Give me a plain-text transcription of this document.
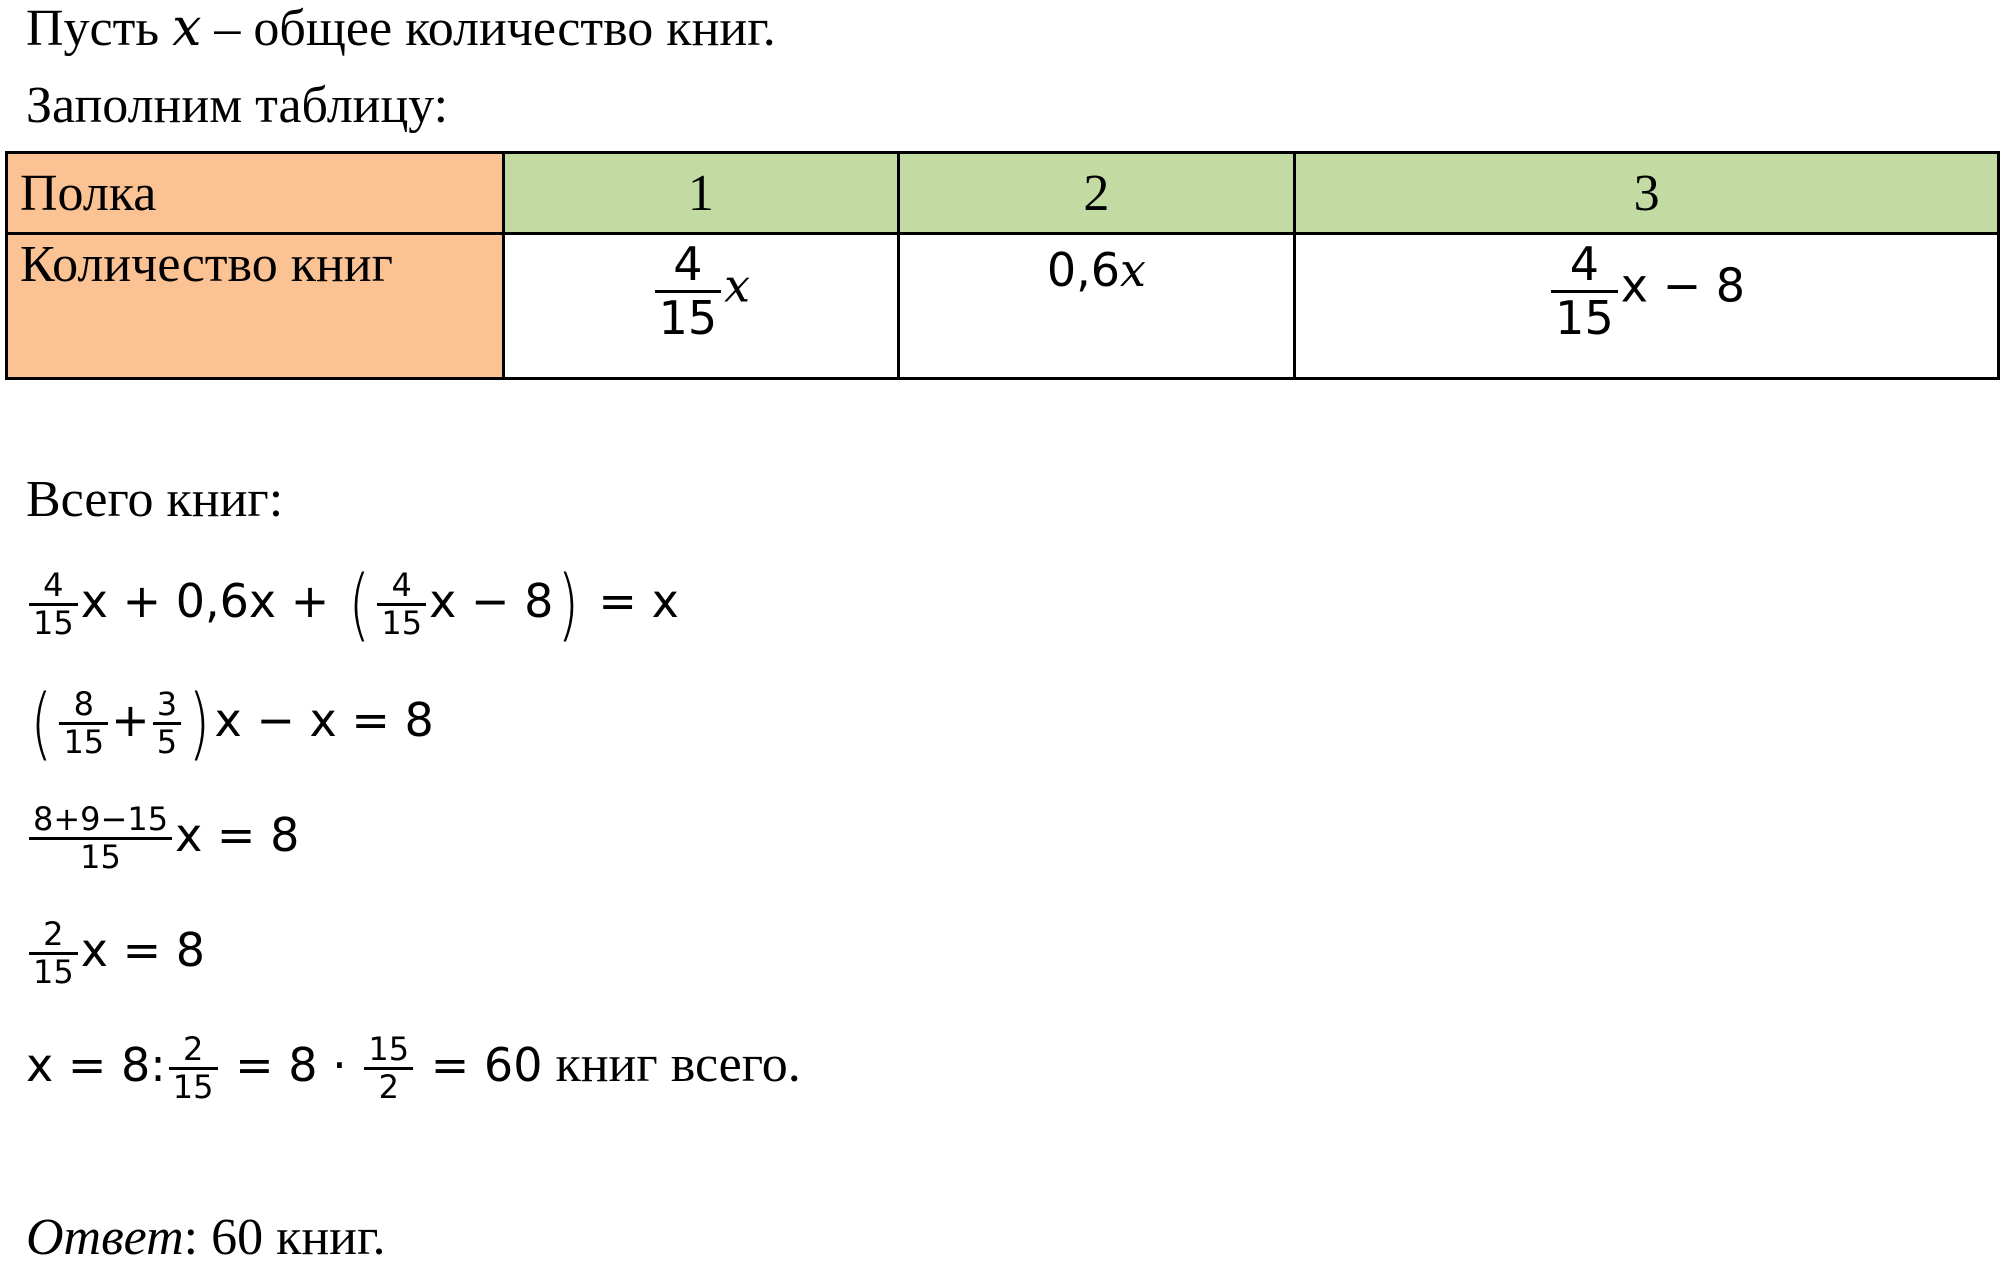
Пусть x – общее количество книг.
Заполним таблицу:
Полка	1	2	3
Количество книг	$\frac{4}{15}$ x	0,6x	$\frac{4}{15}$ x − 8
Всего книг:
$\frac{4}{15}$ x + 0,6x + ( $\frac{4}{15}$ x − 8) = x
( $\frac{8}{15} + \frac{3}{5} )x - x = 8$
$\frac{8+9-15}{15}$ x = 8
$\frac{2}{15}$ x = 8
x = 8: $\frac{2}{15} = 8 \cdot \frac{15}{2} = 60$ книг всего.
Ответ: 60 книг.
